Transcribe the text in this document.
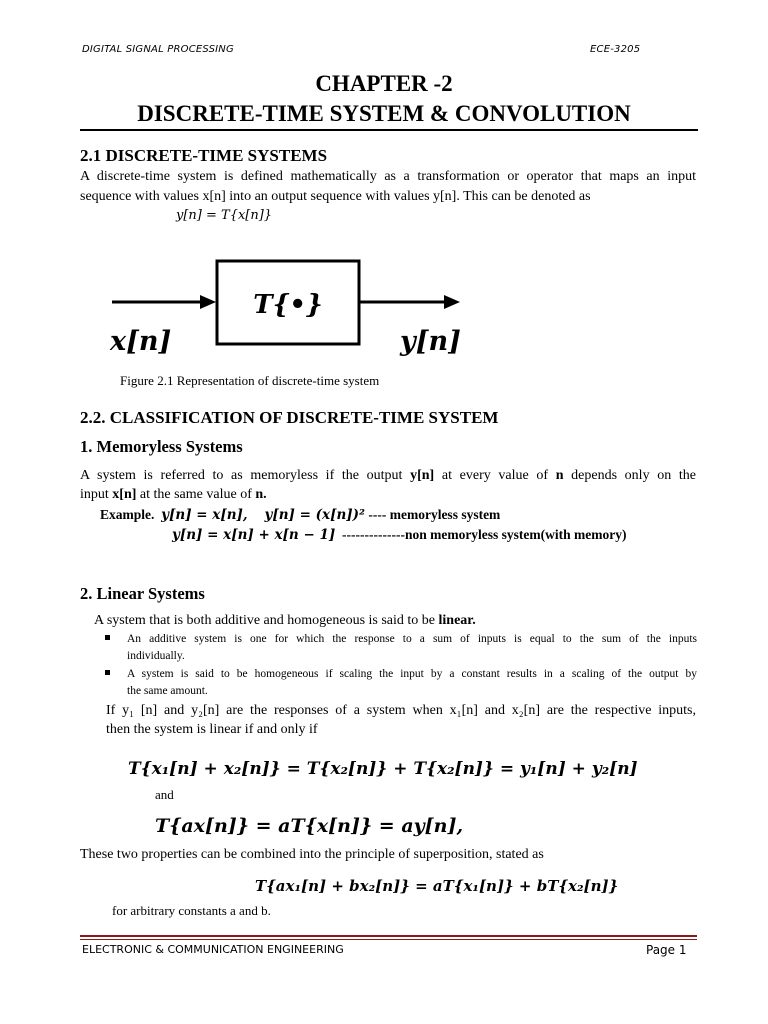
DIGITAL SIGNAL PROCESSING	ECE-3205
CHAPTER -2
DISCRETE-TIME SYSTEM & CONVOLUTION
2.1 DISCRETE-TIME SYSTEMS
A discrete-time system is defined mathematically as a transformation or operator that maps an input
sequence with values x[n] into an output sequence with values y[n]. This can be denoted as
y[n] = T{x[n]}
T{•}
x[n]	y[n]
Figure 2.1 Representation of discrete-time system
2.2. CLASSIFICATION OF DISCRETE-TIME SYSTEM
1. Memoryless Systems
A system is referred to as memoryless if the output y[n] at every value of n depends only on the
input x[n] at the same value of n.
Example. y[n] = x[n], y[n] = (x[n])² ---- memoryless system
y[n] = x[n] + x[n − 1] --------------non memoryless system(with memory)
2. Linear Systems
A system that is both additive and homogeneous is said to be linear.
An additive system is one for which the response to a sum of inputs is equal to the sum of the inputs
individually.
A system is said to be homogeneous if scaling the input by a constant results in a scaling of the output by
the same amount.
If y₁ [n] and y₂[n] are the responses of a system when x₁[n] and x₂[n] are the respective inputs,
then the system is linear if and only if
T{x₁[n] + x₂[n]} = T{x₂[n]} + T{x₂[n]} = y₁[n] + y₂[n]
and
T{ax[n]} = aT{x[n]} = ay[n],
These two properties can be combined into the principle of superposition, stated as
T{ax₁[n] + bx₂[n]} = aT{x₁[n]} + bT{x₂[n]}
for arbitrary constants a and b.
ELECTRONIC & COMMUNICATION ENGINEERING	Page 1
